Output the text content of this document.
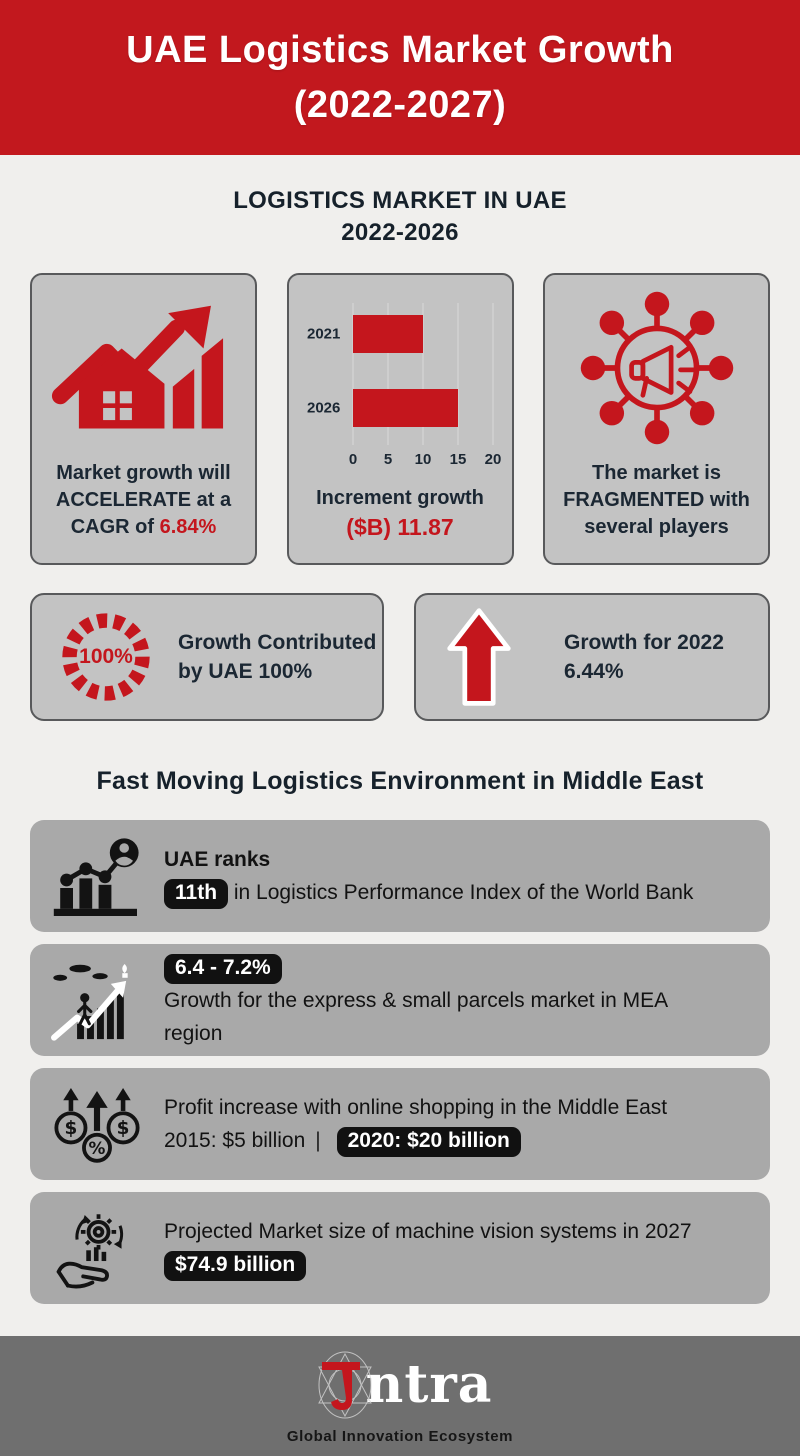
UAE Logistics Market Growth
(2022-2027)
LOGISTICS MARKET IN UAE
2022-2026
Market growth will ACCELERATE at a CAGR of 6.84%
2021
2026
0 5 10 15 20
Increment growth
($B) 11.87
The market is FRAGMENTED with several players
100%
Growth Contributed by UAE 100%
Growth for 2022
6.44%
Fast Moving Logistics Environment in Middle East
UAE ranks
11th in Logistics Performance Index of the World Bank
6.4 - 7.2%
Growth for the express & small parcels market in MEA region
$ $
%
Profit increase with online shopping in the Middle East
2015: $5 billion | 2020: $20 billion
Projected Market size of machine vision systems in 2027
$74.9 billion
ntra
Global Innovation Ecosystem
